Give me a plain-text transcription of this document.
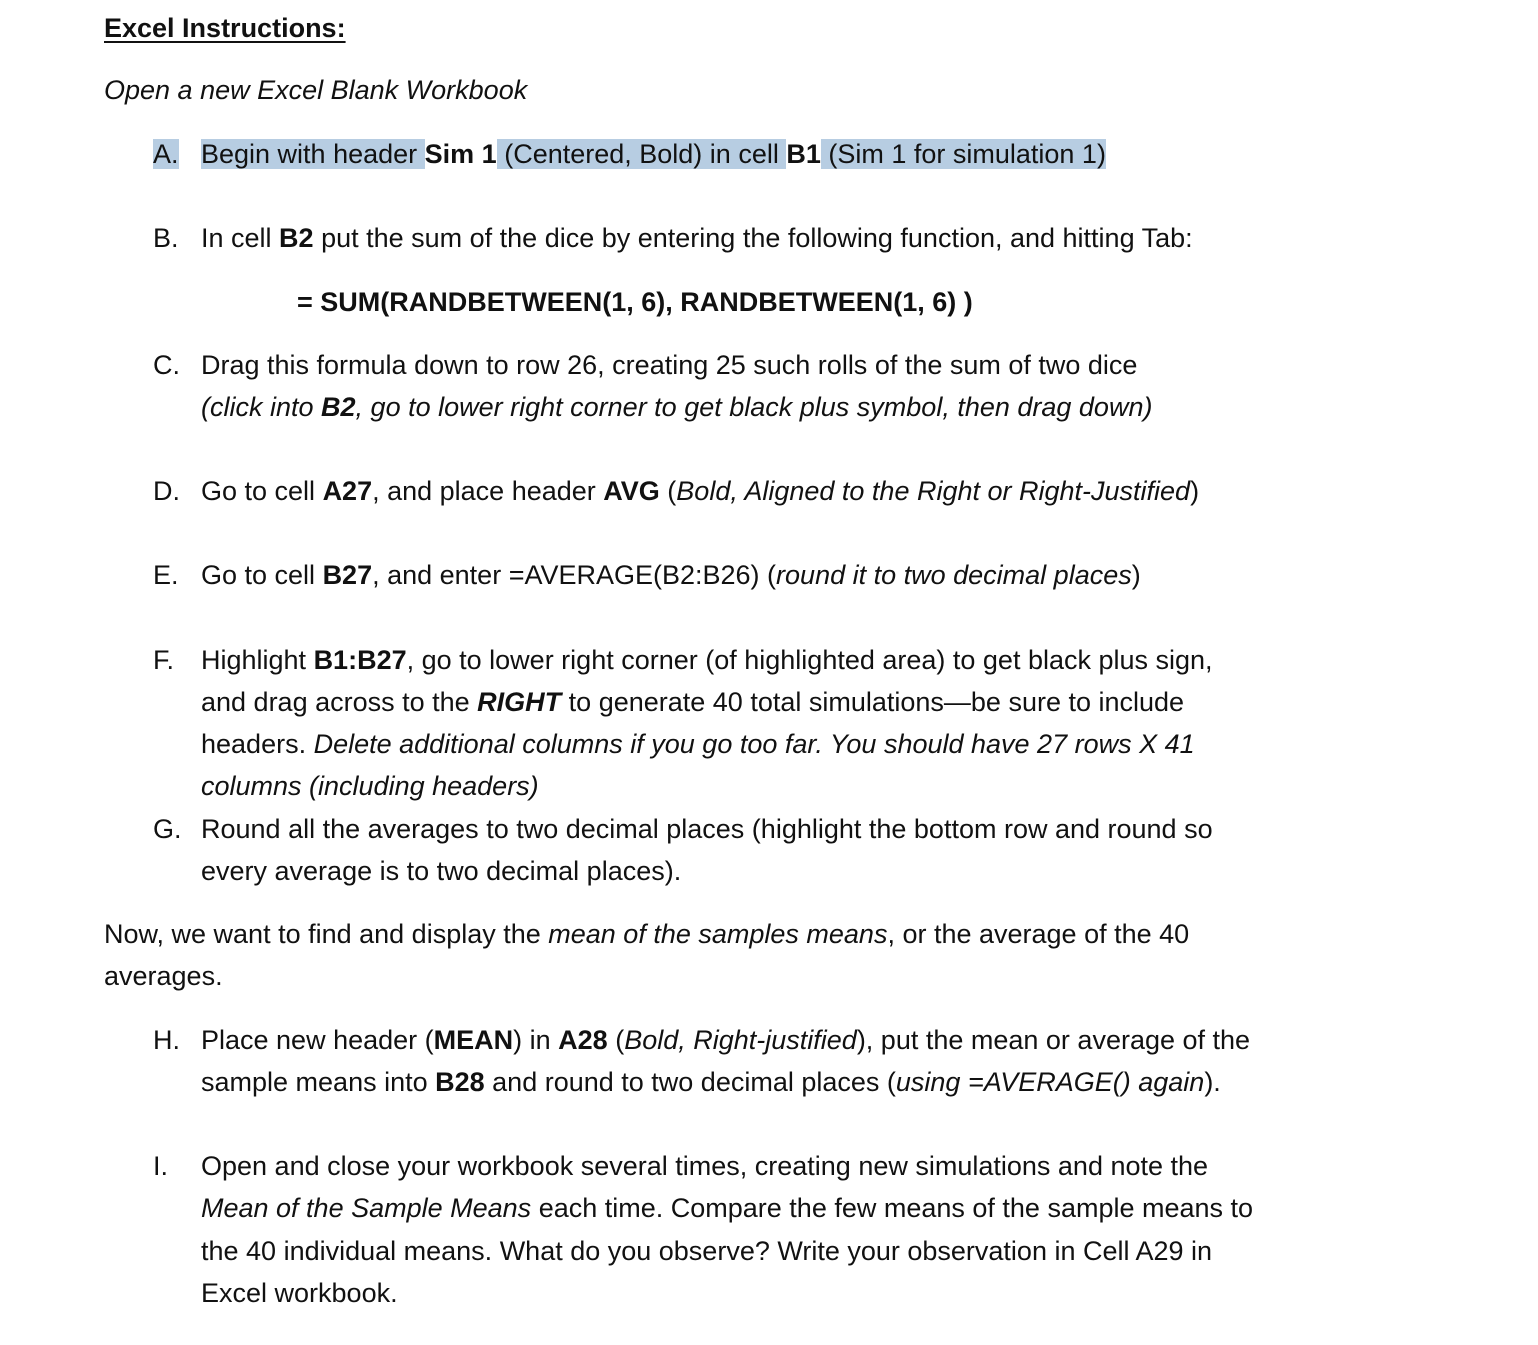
Excel Instructions:
Open a new Excel Blank Workbook
A. Begin with header Sim 1 (Centered, Bold) in cell B1 (Sim 1 for simulation 1)
B. In cell B2 put the sum of the dice by entering the following function, and hitting Tab:
= SUM(RANDBETWEEN(1, 6), RANDBETWEEN(1, 6) )
C. Drag this formula down to row 26, creating 25 such rolls of the sum of two dice
(click into B2, go to lower right corner to get black plus symbol, then drag down)
D. Go to cell A27, and place header AVG (Bold, Aligned to the Right or Right-Justified)
E. Go to cell B27, and enter =AVERAGE(B2:B26) (round it to two decimal places)
F. Highlight B1:B27, go to lower right corner (of highlighted area) to get black plus sign,
and drag across to the RIGHT to generate 40 total simulations—be sure to include
headers. Delete additional columns if you go too far. You should have 27 rows X 41
columns (including headers)
G. Round all the averages to two decimal places (highlight the bottom row and round so
every average is to two decimal places).
Now, we want to find and display the mean of the samples means, or the average of the 40
averages.
H. Place new header (MEAN) in A28 (Bold, Right-justified), put the mean or average of the
sample means into B28 and round to two decimal places (using =AVERAGE() again).
I. Open and close your workbook several times, creating new simulations and note the
Mean of the Sample Means each time. Compare the few means of the sample means to
the 40 individual means. What do you observe? Write your observation in Cell A29 in
Excel workbook.
